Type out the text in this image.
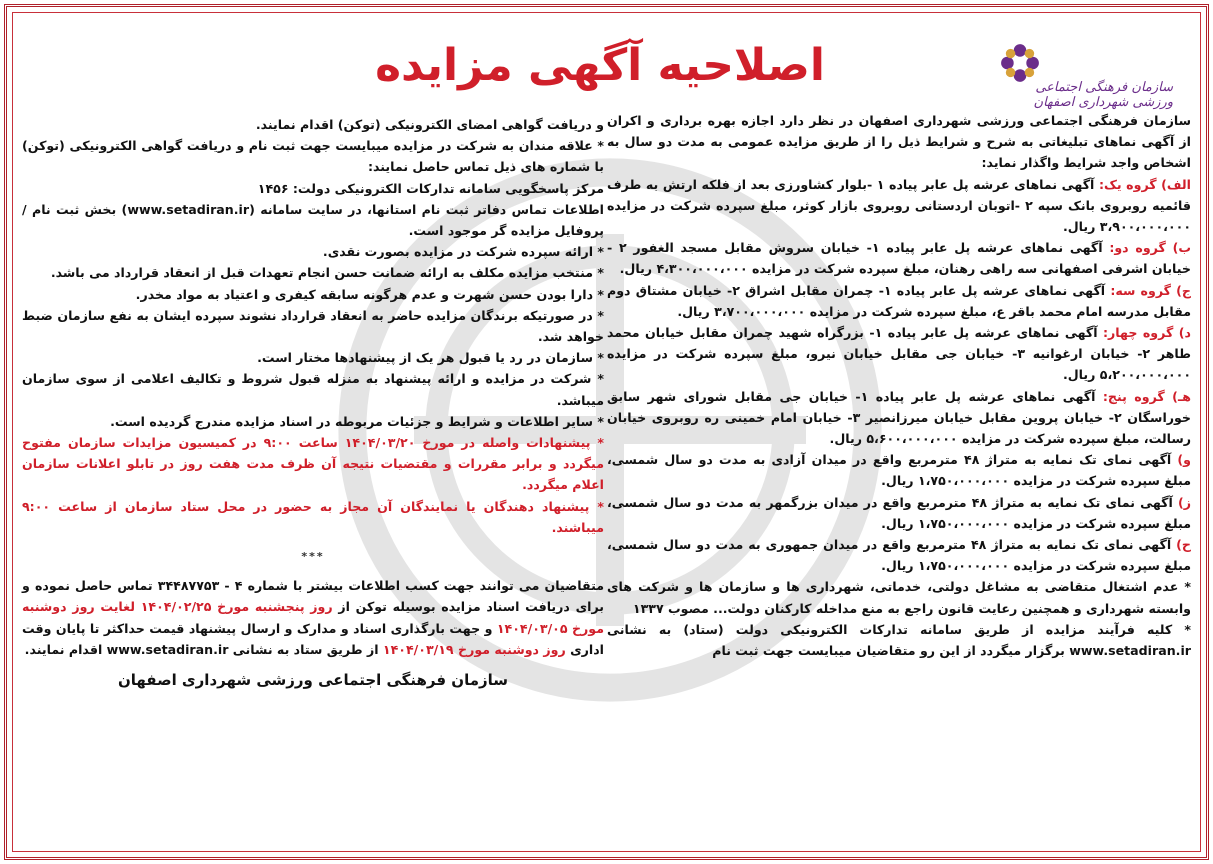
اصلاحیه آگهی مزایده	سازمان فرهنگی اجتماعی ورزشی شهرداری اصفهان

سازمان فرهنگی اجتماعی ورزشی شهرداری اصفهان در نظر دارد اجازه بهره برداری و اکران از آگهی نماهای تبلیغاتی به شرح و شرایط ذیل را از طریق مزایده عمومی به مدت دو سال به اشخاص واجد شرایط واگذار نماید:

الف) گروه یک: آگهی نماهای عرشه پل عابر پیاده ۱ -بلوار کشاورزی بعد از فلکه ارتش به طرف قائمیه روبروی بانک سپه ۲ -اتوبان اردستانی روبروی بازار کوثر، مبلغ سپرده شرکت در مزایده ۳،۹۰۰،۰۰۰،۰۰۰ ریال.

ب) گروه دو: آگهی نماهای عرشه پل عابر پیاده ۱- خیابان سروش مقابل مسجد الغفور ۲ - خیابان اشرفی اصفهانی سه راهی رهنان، مبلغ سپرده شرکت در مزایده ۴،۳۰۰،۰۰۰،۰۰۰ ریال.

ج) گروه سه: آگهی نماهای عرشه پل عابر پیاده ۱- چمران مقابل اشراق ۲- خیابان مشتاق دوم مقابل مدرسه امام محمد باقر ع، مبلغ سپرده شرکت در مزایده ۳،۷۰۰،۰۰۰،۰۰۰ ریال.

د) گروه چهار: آگهی نماهای عرشه پل عابر پیاده ۱- بزرگراه شهید چمران مقابل خیابان محمد طاهر ۲- خیابان ارغوانیه ۳- خیابان جی مقابل خیابان نیرو، مبلغ سپرده شرکت در مزایده ۵،۲۰۰،۰۰۰،۰۰۰ ریال.

هـ) گروه پنج: آگهی نماهای عرشه پل عابر پیاده ۱- خیابان جی مقابل شورای شهر سابق خوراسگان ۲- خیابان پروین مقابل خیابان میرزانصیر ۳- خیابان امام خمینی ره روبروی خیابان رسالت، مبلغ سپرده شرکت در مزایده ۵،۶۰۰،۰۰۰،۰۰۰ ریال.

و) آگهی نمای تک نمایه به متراژ ۴۸ مترمربع واقع در میدان آزادی به مدت دو سال شمسی، مبلغ سپرده شرکت در مزایده ۱،۷۵۰،۰۰۰،۰۰۰ ریال.

ز) آگهی نمای تک نمایه به متراژ ۴۸ مترمربع واقع در میدان بزرگمهر به مدت دو سال شمسی، مبلغ سپرده شرکت در مزایده ۱،۷۵۰،۰۰۰،۰۰۰ ریال.

ح) آگهی نمای تک نمایه به متراژ ۴۸ مترمربع واقع در میدان جمهوری به مدت دو سال شمسی، مبلغ سپرده شرکت در مزایده ۱،۷۵۰،۰۰۰،۰۰۰ ریال.

* عدم اشتغال متقاضی به مشاغل دولتی، خدماتی، شهرداری ها و سازمان ها و شرکت های وابسته شهرداری و همچنین رعایت قانون راجع به منع مداخله کارکنان دولت... مصوب ۱۳۳۷

* کلیه فرآیند مزایده از طریق سامانه تدارکات الکترونیکی دولت (ستاد) به نشانی www.setadiran.ir برگزار میگردد از این رو متقاضیان میبایست جهت ثبت نام

و دریافت گواهی امضای الکترونیکی (توکن) اقدام نمایند.

* علاقه مندان به شرکت در مزایده میبایست جهت ثبت نام و دریافت گواهی الکترونیکی (توکن) با شماره های ذیل تماس حاصل نمایند:

مرکز پاسخگویی سامانه تدارکات الکترونیکی دولت: ۱۴۵۶

اطلاعات تماس دفاتر ثبت نام استانها، در سایت سامانه (www.setadiran.ir) بخش ثبت نام / پروفایل مزایده گر موجود است.

* ارائه سپرده شرکت در مزایده بصورت نقدی.

* منتخب مزایده مکلف به ارائه ضمانت حسن انجام تعهدات قبل از انعقاد قرارداد می باشد.

* دارا بودن حسن شهرت و عدم هرگونه سابقه کیفری و اعتیاد به مواد مخدر.

* در صورتیکه برندگان مزایده حاضر به انعقاد قرارداد نشوند سپرده ایشان به نفع سازمان ضبط خواهد شد.

* سازمان در رد یا قبول هر یک از پیشنهادها مختار است.

* شرکت در مزایده و ارائه پیشنهاد به منزله قبول شروط و تکالیف اعلامی از سوی سازمان میباشد.

* سایر اطلاعات و شرایط و جزئیات مربوطه در اسناد مزایده مندرج گردیده است.

* پیشنهادات واصله در مورخ ۱۴۰۴/۰۳/۲۰ ساعت ۹:۰۰ در کمیسیون مزایدات سازمان مفتوح میگردد و برابر مقررات و مقتضیات نتیجه آن ظرف مدت هفت روز در تابلو اعلانات سازمان اعلام میگردد.

* پیشنهاد دهندگان یا نمایندگان آن مجاز به حضور در محل ستاد سازمان از ساعت ۹:۰۰ میباشند.

***

متقاضیان می توانند جهت کسب اطلاعات بیشتر با شماره ۴ - ۳۴۴۸۷۷۵۳ تماس حاصل نموده و برای دریافت اسناد مزایده بوسیله توکن از روز پنجشنبه مورخ ۱۴۰۴/۰۲/۲۵ لغایت روز دوشنبه مورخ ۱۴۰۴/۰۳/۰۵ و جهت بارگذاری اسناد و مدارک و ارسال پیشنهاد قیمت حداکثر تا پایان وقت اداری روز دوشنبه مورخ ۱۴۰۴/۰۳/۱۹ از طریق ستاد به نشانی www.setadiran.ir اقدام نمایند.

سازمان فرهنگی اجتماعی ورزشی شهرداری اصفهان
